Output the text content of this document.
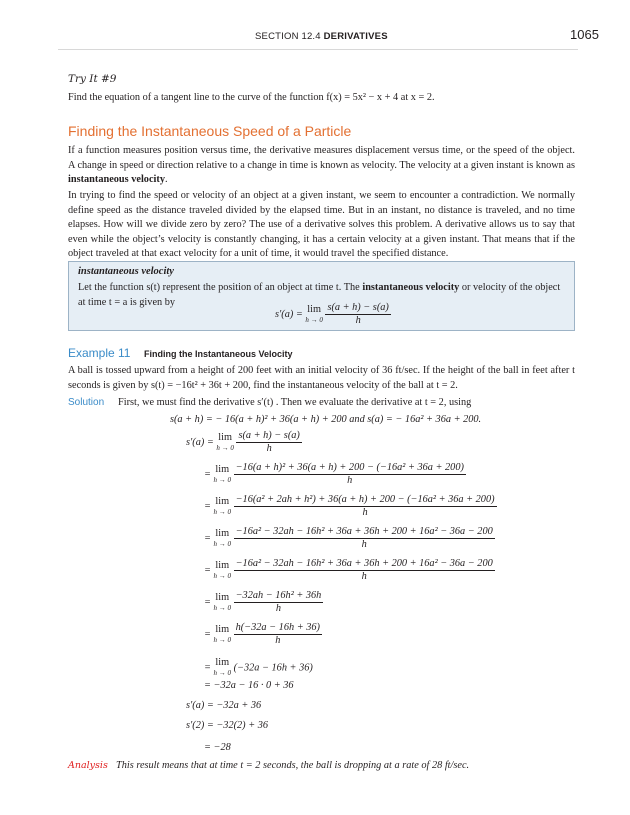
SECTION 12.4 DERIVATIVES	1065
Try It #9
Find the equation of a tangent line to the curve of the function f(x) = 5x² − x + 4 at x = 2.
Finding the Instantaneous Speed of a Particle
If a function measures position versus time, the derivative measures displacement versus time, or the speed of the object. A change in speed or direction relative to a change in time is known as velocity. The velocity at a given instant is known as instantaneous velocity.
In trying to find the speed or velocity of an object at a given instant, we seem to encounter a contradiction. We normally define speed as the distance traveled divided by the elapsed time. But in an instant, no distance is traveled, and no time elapses. How will we divide zero by zero? The use of a derivative solves this problem. A derivative allows us to say that even while the object’s velocity is constantly changing, it has a certain velocity at a given instant. That means that if the object traveled at that exact velocity for a unit of time, it would travel the specified distance.
instantaneous velocity
Let the function s(t) represent the position of an object at time t. The instantaneous velocity or velocity of the object at time t = a is given by
s′(a) = lim
h → 0
$\frac{s(a + h) - s(a)}{h}$
Example 11 Finding the Instantaneous Velocity
A ball is tossed upward from a height of 200 feet with an initial velocity of 36 ft/sec. If the height of the ball in feet after t seconds is given by s(t) = −16t² + 36t + 200, find the instantaneous velocity of the ball at t = 2.
Solution First, we must find the derivative s′(t) . Then we evaluate the derivative at t = 2, using
s(a + h) = − 16(a + h)² + 36(a + h) + 200 and s(a) = − 16a² + 36a + 200.
s′(a) = lim
h → 0
$\frac{s(a + h) - s(a)}{h}$
= lim
h → 0
$\frac{\text{−16(a + h)² + 36(a + h) + 200 − (−16a² + 36a + 200)}}{h}$
= lim
h → 0
$\frac{\text{−16(a² + 2ah + h²) + 36(a + h) + 200 − (−16a² + 36a + 200)}}{h}$
= lim
h → 0
$\frac{\text{−16a² − 32ah − 16h² + 36a + 36h + 200 + 16a² − 36a − 200}}{h}$
= lim
h → 0
$\frac{\text{−16a² − 32ah − 16h² + 36a + 36h + 200 + 16a² − 36a − 200}}{h}$
= lim
h → 0
$\frac{\text{−32ah − 16h² + 36h}}{h}$
= lim
h → 0
$\frac{h(-32a - 16h + 36)}{h}$
= lim
h → 0 (−32a − 16h + 36)
= −32a − 16 · 0 + 36
s′(a) = −32a + 36
s′(2) = −32(2) + 36
= −28
Analysis This result means that at time t = 2 seconds, the ball is dropping at a rate of 28 ft/sec.
